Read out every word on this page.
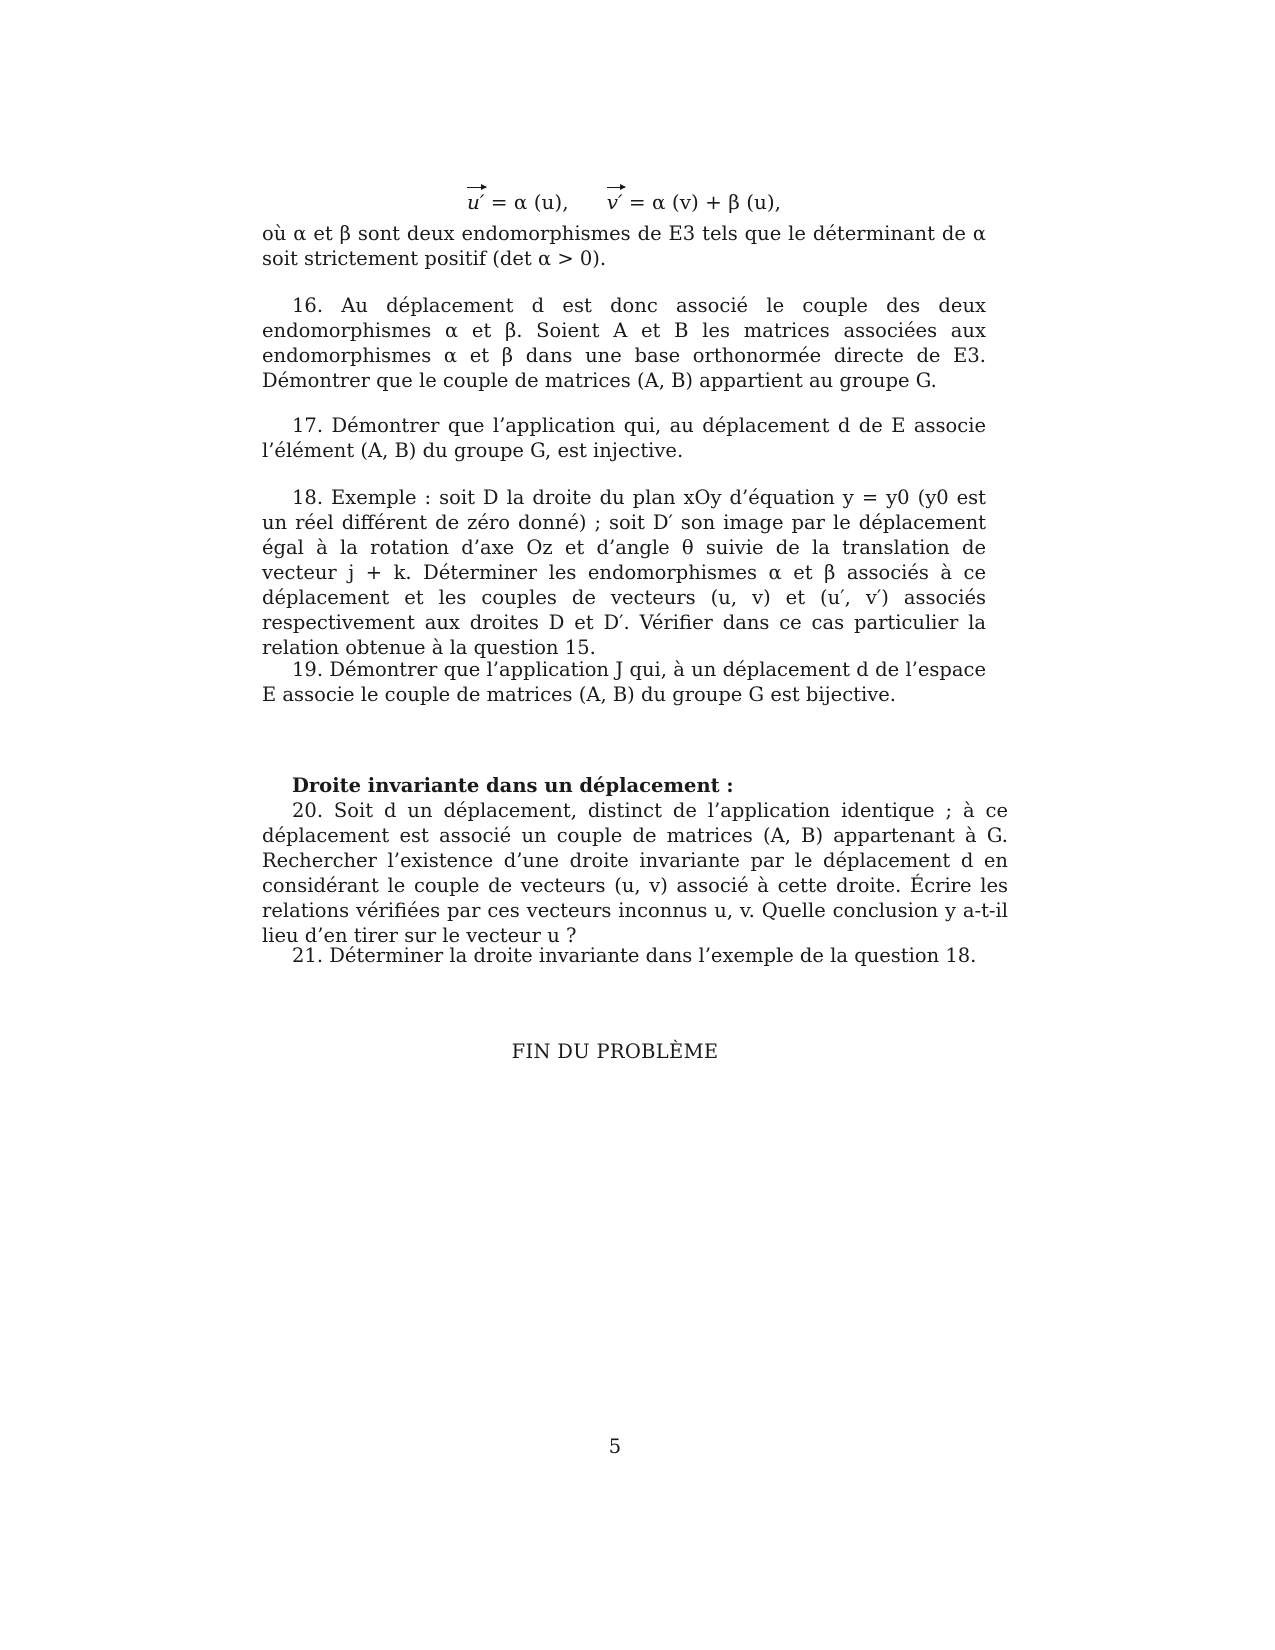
u′ = α (u), v′ = α (v) + β (u),

où α et β sont deux endomorphismes de E3 tels que le déterminant de α soit strictement positif (det α > 0).

16. Au déplacement d est donc associé le couple des deux endomorphismes α et β. Soient A et B les matrices associées aux endomorphismes α et β dans une base orthonormée directe de E3. Démontrer que le couple de matrices (A, B) appartient au groupe G.

17. Démontrer que l’application qui, au déplacement d de E associe l’élément (A, B) du groupe G, est injective.

18. Exemple : soit D la droite du plan xOy d’équation y = y0 (y0 est un réel différent de zéro donné) ; soit D′ son image par le déplacement égal à la rotation d’axe Oz et d’angle θ suivie de la translation de vecteur j + k. Déterminer les endomorphismes α et β associés à ce déplacement et les couples de vecteurs (u, v) et (u′, v′) associés respectivement aux droites D et D′. Vérifier dans ce cas particulier la relation obtenue à la question 15.

19. Démontrer que l’application J qui, à un déplacement d de l’espace E associe le couple de matrices (A, B) du groupe G est bijective.

Droite invariante dans un déplacement :

20. Soit d un déplacement, distinct de l’application identique ; à ce déplacement est associé un couple de matrices (A, B) appartenant à G. Rechercher l’existence d’une droite invariante par le déplacement d en considérant le couple de vecteurs (u, v) associé à cette droite. Écrire les relations vérifiées par ces vecteurs inconnus u, v. Quelle conclusion y a-t-il lieu d’en tirer sur le vecteur u ?

21. Déterminer la droite invariante dans l’exemple de la question 18.

FIN DU PROBLÈME
5
